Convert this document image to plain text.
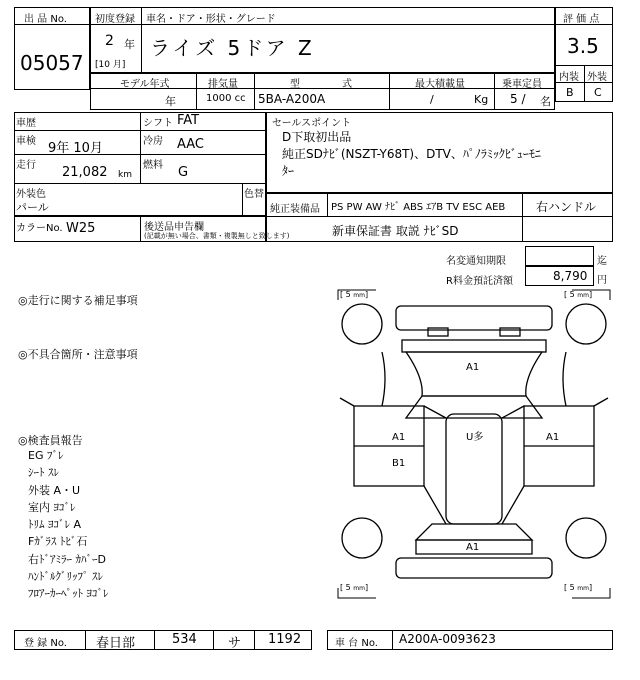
出 品 No.
05057
初度登録 車名・ドア・形状・グレード
2 年
[10 月]
ライズ 5ドア Z
評 価 点
3.5
内装 外装
B C
モデル年式	排気量	型　　　式	最大積載量	乗車定員
年	1000 cc 5BA-A200A	/	Kg 5 / 名
車歴	シフト FAT
車検 9年 10月	冷房 AAC
走行 21,082 km
燃料 G
外装色
パール
色替
カラーNo. W25	後送品申告欄
(記載が無い場合、書類・複製無しと致します)
セールスポイント
D下取初出品
純正SDﾅﾋﾞ(NSZT-Y68T)、DTV、ﾊﾟﾉﾗﾐｯｸﾋﾞｭｰﾓﾆ
ﾀｰ
純正装備品 PS PW AW ﾅﾋﾞ ABS ｴｱB TV ESC AEB	右ハンドル
新車保証書 取説 ﾅﾋﾞSD
名変通知期限	迄
R料金預託済額	8,790 円
◎走行に関する補足事項
◎不具合箇所・注意事項
◎検査員報告
EG ﾌﾞﾚ
ｼｰﾄ ｽﾚ
外装 A・U
室内 ﾖｺﾞﾚ
ﾄﾘﾑ ﾖｺﾞﾚ A
Fｶﾞﾗｽ ﾄﾋﾞ石
右ﾄﾞｱﾐﾗｰ ｶﾊﾞｰD
ﾊﾝﾄﾞﾙｸﾞﾘｯﾌﾟ ｽﾚ
ﾌﾛｱｰｶｰﾍﾟｯﾄ ﾖｺﾞﾚ
[ 5 mm]	[ 5 mm]
[ 5 mm]	[ 5 mm]
A1
A1
B1
U多	A1
A1
登 録 No. 春日部	534 サ 1192	車 台 No. A200A-0093623
